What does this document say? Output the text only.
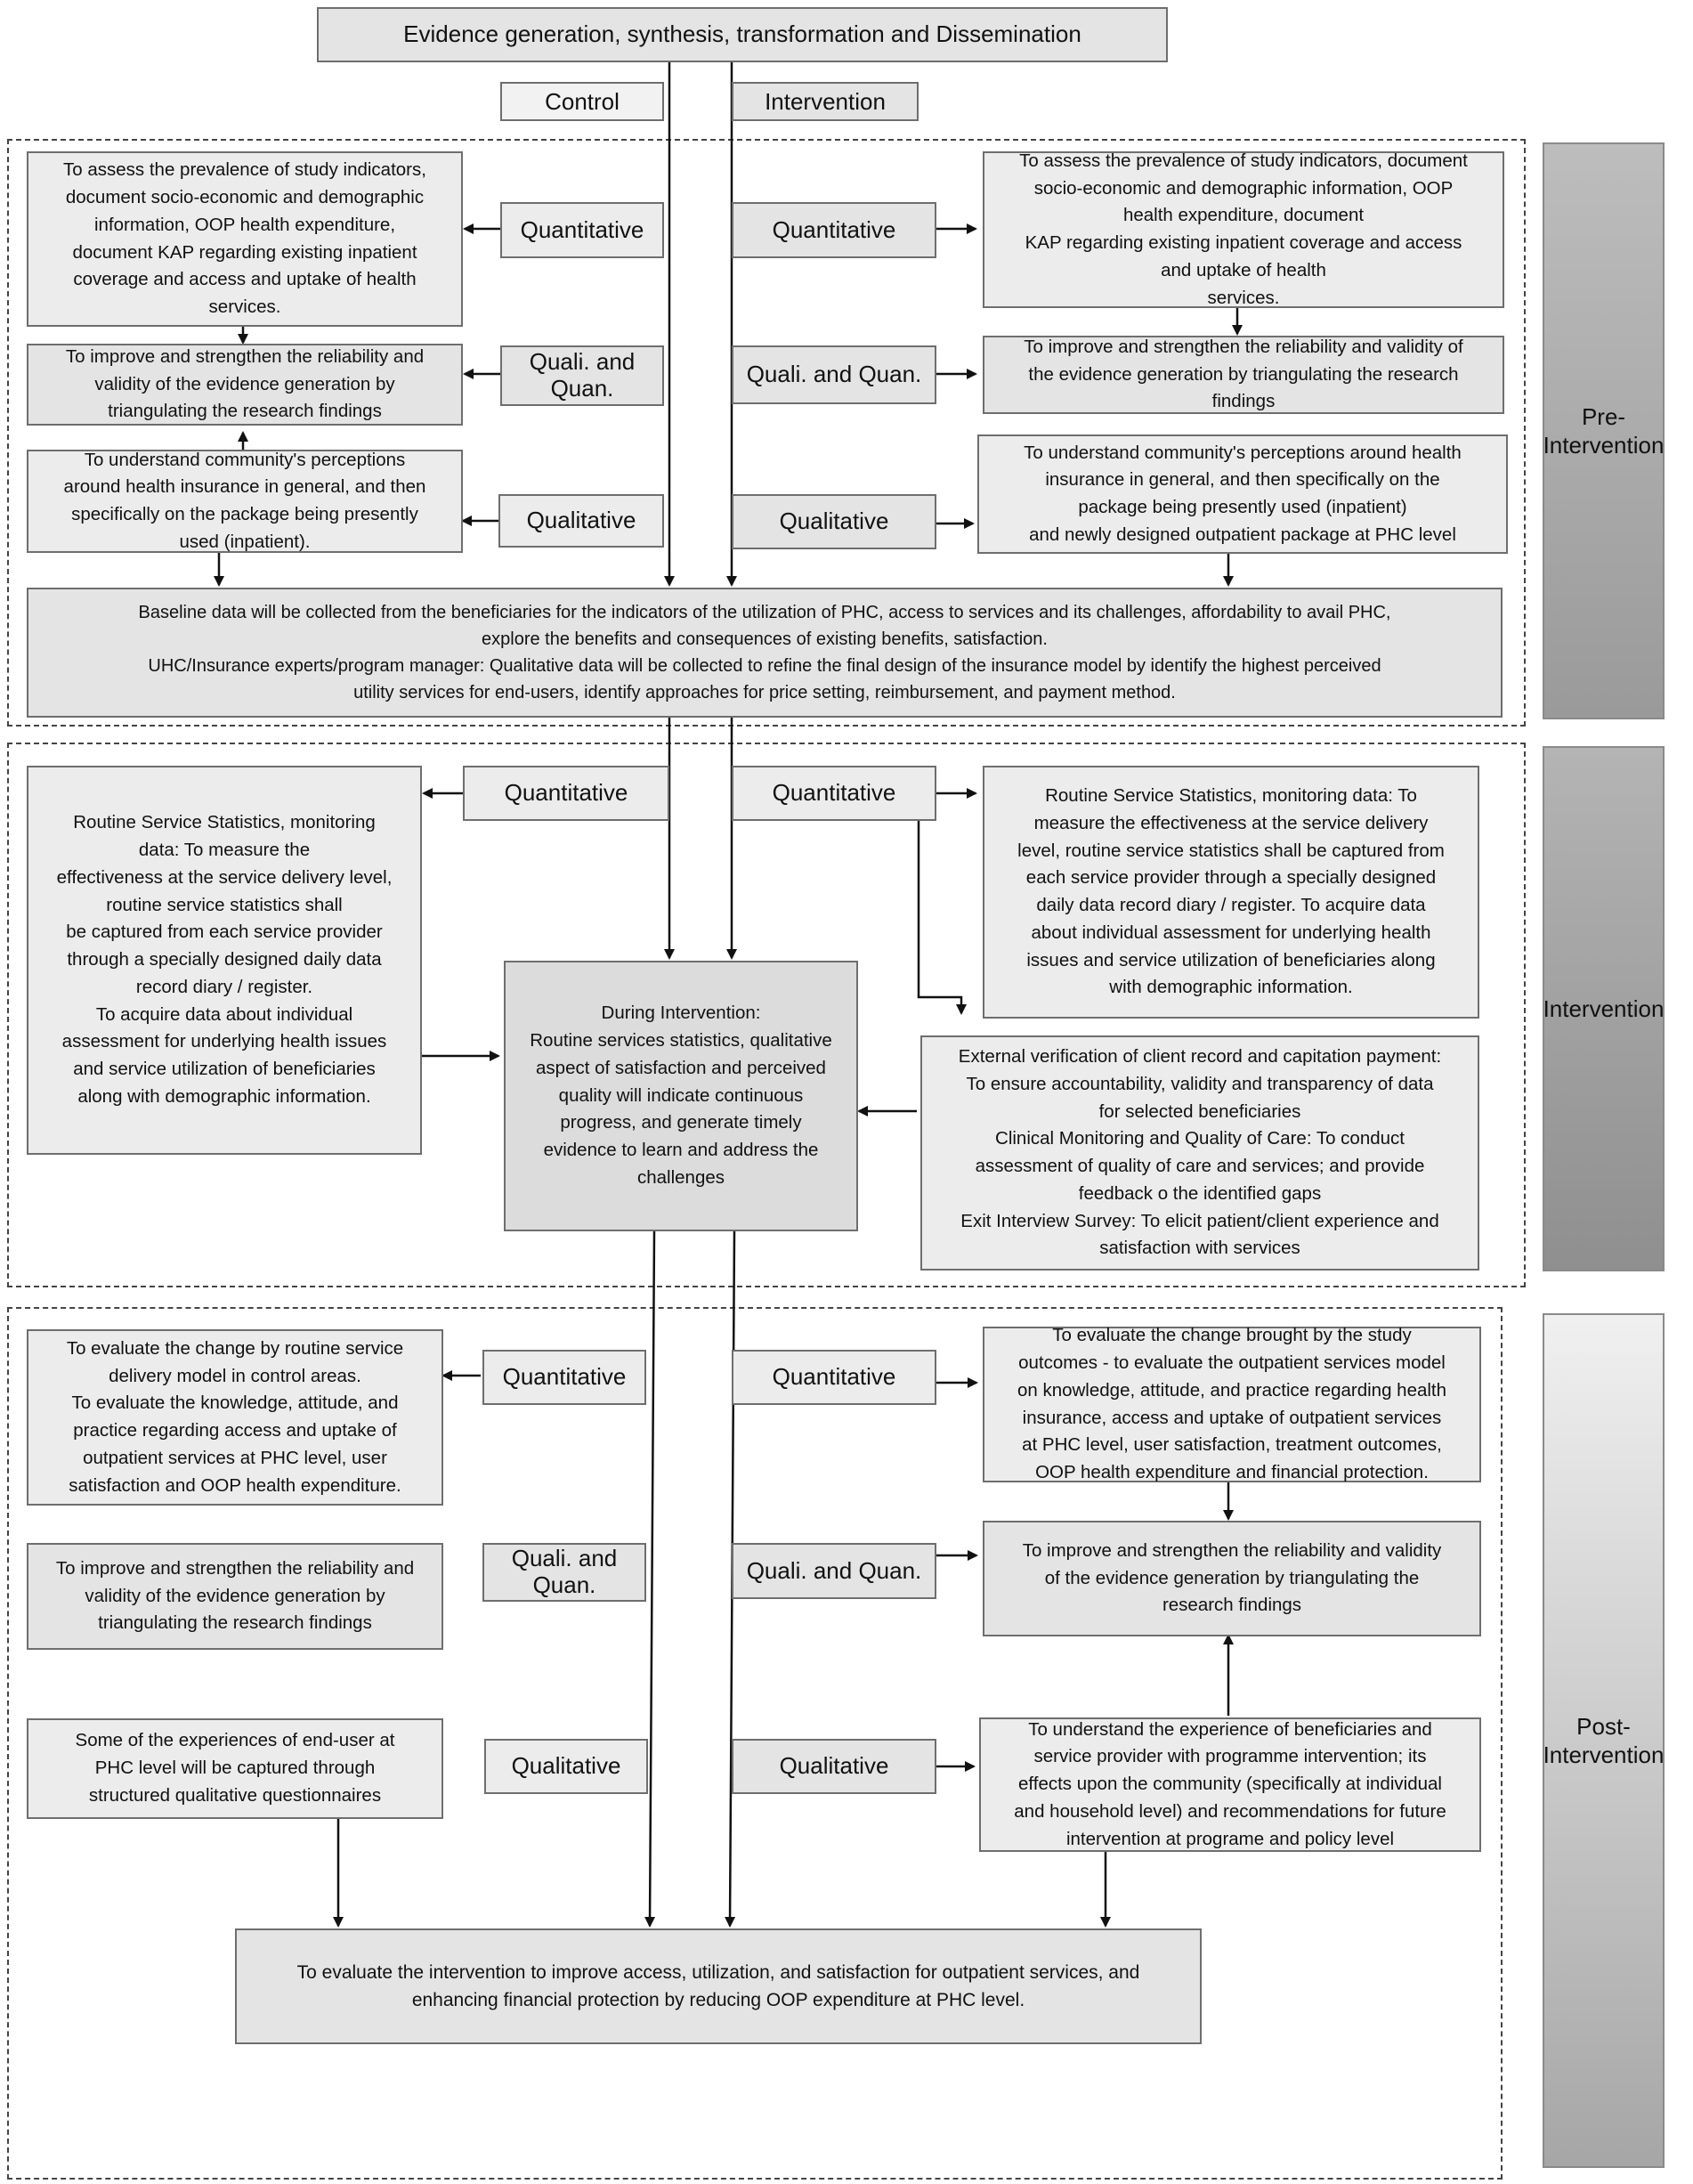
Pre-
Intervention
Intervention
Post-
Intervention
Evidence generation, synthesis, transformation and Dissemination
Control	Intervention
To assess the prevalence of study indicators,
document socio-economic and demographic
information, OOP health expenditure,
document KAP regarding existing inpatient
coverage and access and uptake of health
services.
Quantitative	Quantitative
To assess the prevalence of study indicators, document
socio-economic and demographic information, OOP
health expenditure, document
KAP regarding existing inpatient coverage and access
and uptake of health
services.
To improve and strengthen the reliability and
validity of the evidence generation by
triangulating the research findings
Quali. and
Quan.
Quali. and Quan.
To improve and strengthen the reliability and validity of
the evidence generation by triangulating the research
findings
To understand community's perceptions
around health insurance in general, and then
specifically on the package being presently
used (inpatient).
Qualitative	Qualitative
To understand community's perceptions around health
insurance in general, and then specifically on the
package being presently used (inpatient)
and newly designed outpatient package at PHC level
Baseline data will be collected from the beneficiaries for the indicators of the utilization of PHC, access to services and its challenges, affordability to avail PHC,
explore the benefits and consequences of existing benefits, satisfaction.
UHC/Insurance experts/program manager: Qualitative data will be collected to refine the final design of the insurance model by identify the highest perceived
utility services for end-users, identify approaches for price setting, reimbursement, and payment method.
Quantitative	Quantitative
Routine Service Statistics, monitoring
data: To measure the
effectiveness at the service delivery level,
routine service statistics shall
be captured from each service provider
through a specially designed daily data
record diary / register.
To acquire data about individual
assessment for underlying health issues
and service utilization of beneficiaries
along with demographic information.
Routine Service Statistics, monitoring data: To
measure the effectiveness at the service delivery
level, routine service statistics shall be captured from
each service provider through a specially designed
daily data record diary / register. To acquire data
about individual assessment for underlying health
issues and service utilization of beneficiaries along
with demographic information.
During Intervention:
Routine services statistics, qualitative
aspect of satisfaction and perceived
quality will indicate continuous
progress, and generate timely
evidence to learn and address the
challenges
External verification of client record and capitation payment:
To ensure accountability, validity and transparency of data
for selected beneficiaries
Clinical Monitoring and Quality of Care: To conduct
assessment of quality of care and services; and provide
feedback o the identified gaps
Exit Interview Survey: To elicit patient/client experience and
satisfaction with services
To evaluate the change by routine service
delivery model in control areas.
To evaluate the knowledge, attitude, and
practice regarding access and uptake of
outpatient services at PHC level, user
satisfaction and OOP health expenditure.
Quantitative	Quantitative
To evaluate the change brought by the study
outcomes - to evaluate the outpatient services model
on knowledge, attitude, and practice regarding health
insurance, access and uptake of outpatient services
at PHC level, user satisfaction, treatment outcomes,
OOP health expenditure and financial protection.
To improve and strengthen the reliability and
validity of the evidence generation by
triangulating the research findings
Quali. and
Quan.
Quali. and Quan.
To improve and strengthen the reliability and validity
of the evidence generation by triangulating the
research findings
Some of the experiences of end-user at
PHC level will be captured through
structured qualitative questionnaires
Qualitative	Qualitative
To understand the experience of beneficiaries and
service provider with programme intervention; its
effects upon the community (specifically at individual
and household level) and recommendations for future
intervention at programe and policy level
To evaluate the intervention to improve access, utilization, and satisfaction for outpatient services, and
enhancing financial protection by reducing OOP expenditure at PHC level.
